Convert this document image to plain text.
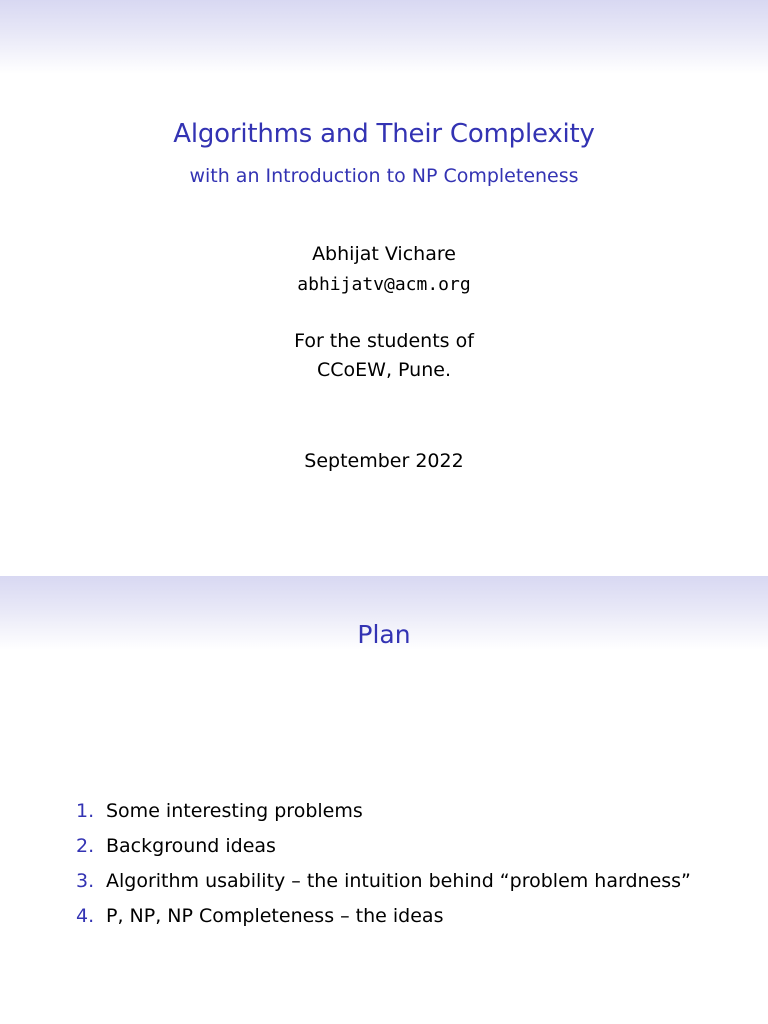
Algorithms and Their Complexity
with an Introduction to NP Completeness
Abhijat Vichare
abhijatv@acm.org
For the students of
CCoEW, Pune.
September 2022
Plan
1. Some interesting problems
2. Background ideas
3. Algorithm usability – the intuition behind “problem hardness”
4. P, NP, NP Completeness – the ideas
